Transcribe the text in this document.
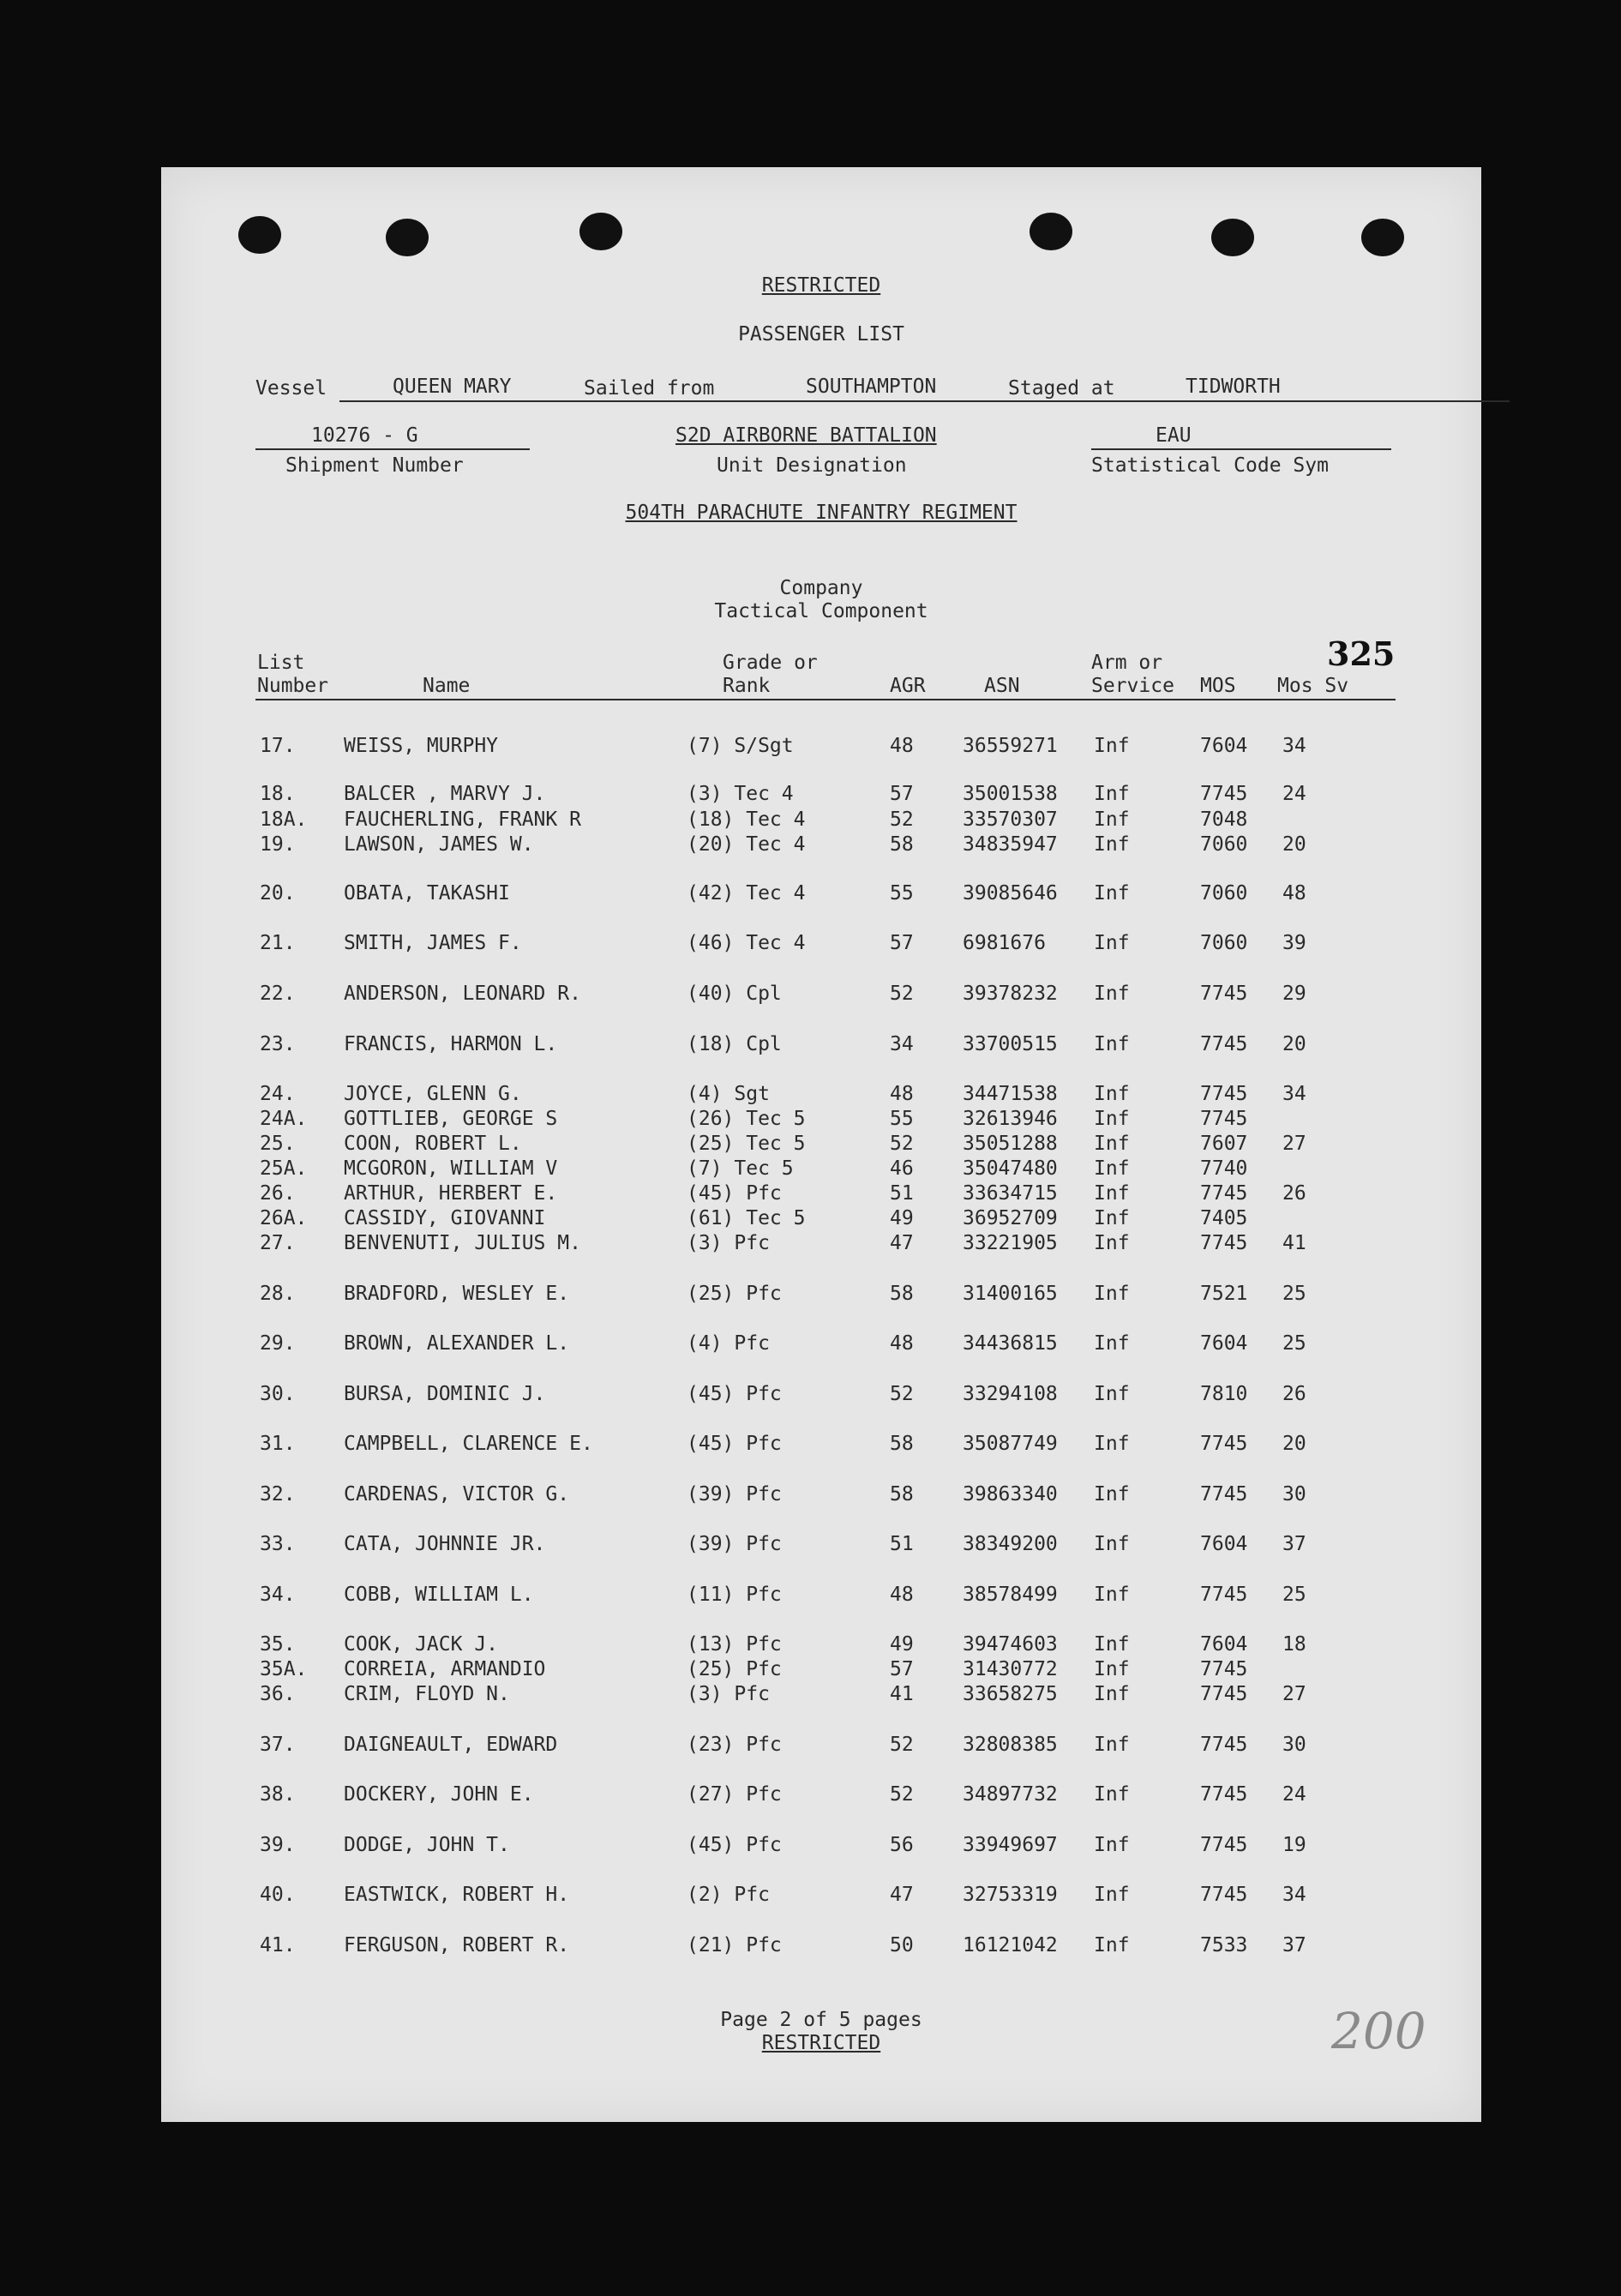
RESTRICTED
PASSENGER LIST
Vessel	QUEEN MARY	Sailed from	SOUTHAMPTON	Staged at	TIDWORTH
10276 - G
Shipment Number
S2D AIRBORNE BATTALION
Unit Designation
EAU
Statistical Code Sym
504TH PARACHUTE INFANTRY REGIMENT
Company
Tactical Component
325
List
Number	Name
Grade or
Rank	AGR	ASN
Arm or
Service MOS Mos Sv
17. WEISS, MURPHY	(7) S/Sgt	48 36559271 Inf	7604 34
18. BALCER , MARVY J.	(3) Tec 4	57 35001538 Inf	7745 24
18A. FAUCHERLING, FRANK R	(18) Tec 4	52 33570307 Inf	7048
19. LAWSON, JAMES W.	(20) Tec 4	58 34835947 Inf	7060 20
20. OBATA, TAKASHI	(42) Tec 4	55 39085646 Inf	7060 48
21. SMITH, JAMES F.	(46) Tec 4	57 6981676 Inf	7060 39
22. ANDERSON, LEONARD R.	(40) Cpl	52 39378232 Inf	7745 29
23. FRANCIS, HARMON L.	(18) Cpl	34 33700515 Inf	7745 20
24. JOYCE, GLENN G.	(4) Sgt	48 34471538 Inf	7745 34
24A. GOTTLIEB, GEORGE S	(26) Tec 5	55 32613946 Inf	7745
25. COON, ROBERT L.	(25) Tec 5	52 35051288 Inf	7607 27
25A. MCGORON, WILLIAM V	(7) Tec 5	46 35047480 Inf	7740
26. ARTHUR, HERBERT E.	(45) Pfc	51 33634715 Inf	7745 26
26A. CASSIDY, GIOVANNI	(61) Tec 5	49 36952709 Inf	7405
27. BENVENUTI, JULIUS M.	(3) Pfc	47 33221905 Inf	7745 41
28. BRADFORD, WESLEY E.	(25) Pfc	58 31400165 Inf	7521 25
29. BROWN, ALEXANDER L.	(4) Pfc	48 34436815 Inf	7604 25
30. BURSA, DOMINIC J.	(45) Pfc	52 33294108 Inf	7810 26
31. CAMPBELL, CLARENCE E.	(45) Pfc	58 35087749 Inf	7745 20
32. CARDENAS, VICTOR G.	(39) Pfc	58 39863340 Inf	7745 30
33. CATA, JOHNNIE JR.	(39) Pfc	51 38349200 Inf	7604 37
34. COBB, WILLIAM L.	(11) Pfc	48 38578499 Inf	7745 25
35. COOK, JACK J.	(13) Pfc	49 39474603 Inf	7604 18
35A. CORREIA, ARMANDIO	(25) Pfc	57 31430772 Inf	7745
36. CRIM, FLOYD N.	(3) Pfc	41 33658275 Inf	7745 27
37. DAIGNEAULT, EDWARD	(23) Pfc	52 32808385 Inf	7745 30
38. DOCKERY, JOHN E.	(27) Pfc	52 34897732 Inf	7745 24
39. DODGE, JOHN T.	(45) Pfc	56 33949697 Inf	7745 19
40. EASTWICK, ROBERT H.	(2) Pfc	47 32753319 Inf	7745 34
41. FERGUSON, ROBERT R.	(21) Pfc	50 16121042 Inf	7533 37
Page 2 of 5 pages
RESTRICTED	200
